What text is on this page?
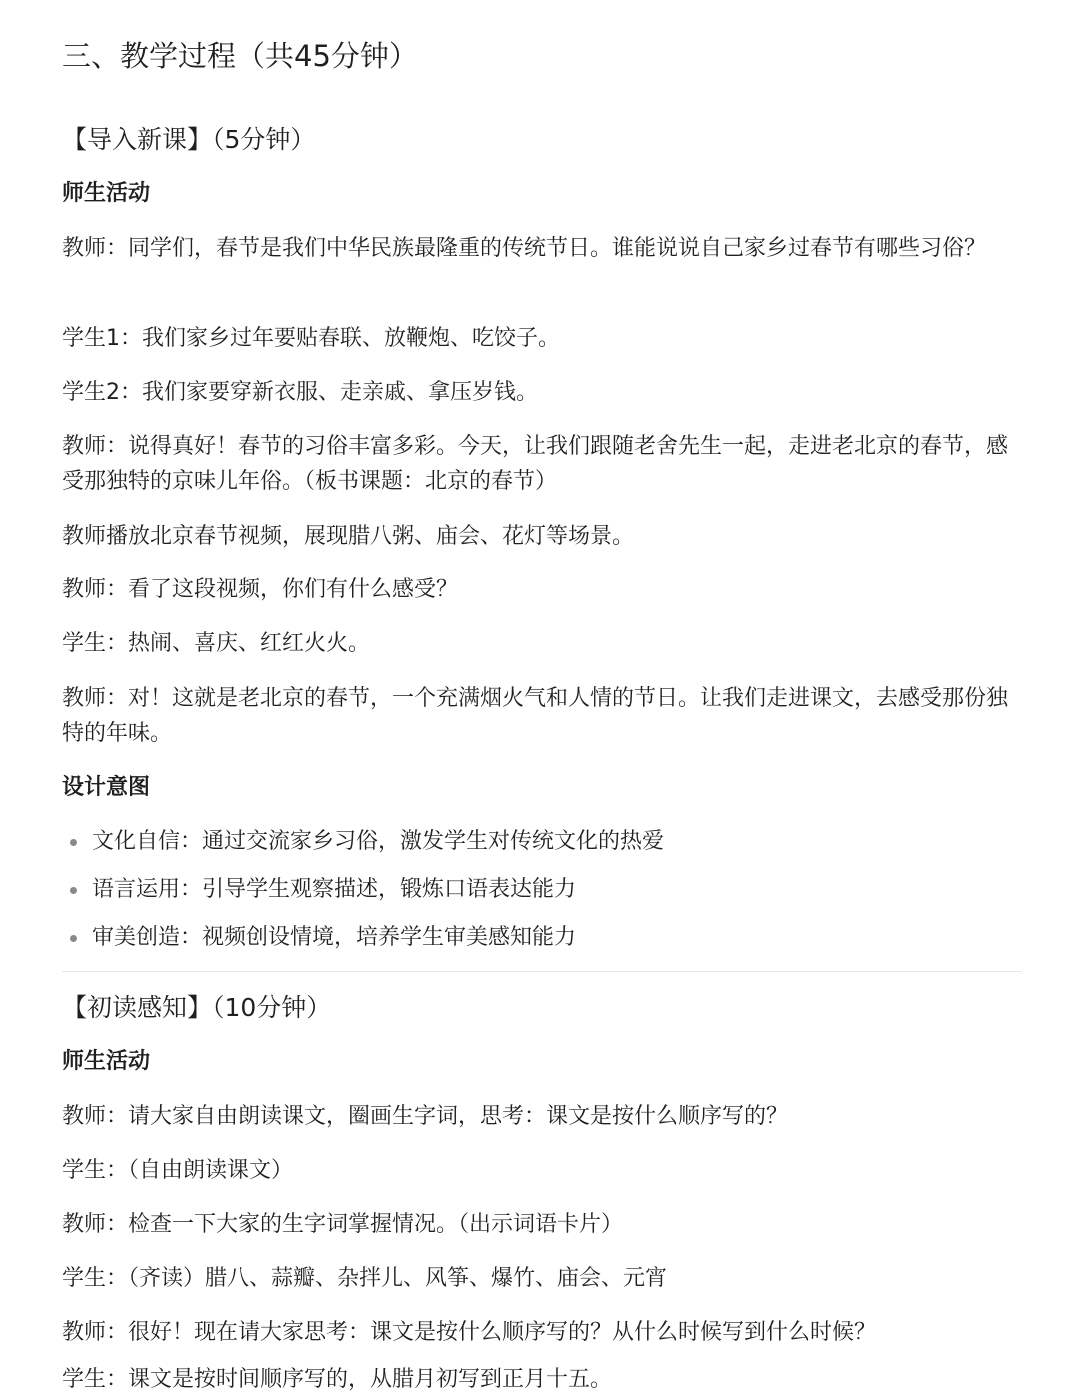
三、教学过程（共45分钟）
【导入新课】（5分钟）
师生活动
教师：同学们，春节是我们中华民族最隆重的传统节日。谁能说说自己家乡过春节有哪些习俗？
学生1：我们家乡过年要贴春联、放鞭炮、吃饺子。
学生2：我们家要穿新衣服、走亲戚、拿压岁钱。
教师：说得真好！春节的习俗丰富多彩。今天，让我们跟随老舍先生一起，走进老北京的春节，感受那独特的京味儿年俗。（板书课题：北京的春节）
教师播放北京春节视频，展现腊八粥、庙会、花灯等场景。
教师：看了这段视频，你们有什么感受？
学生：热闹、喜庆、红红火火。
教师：对！这就是老北京的春节，一个充满烟火气和人情的节日。让我们走进课文，去感受那份独特的年味。
设计意图
文化自信：通过交流家乡习俗，激发学生对传统文化的热爱
语言运用：引导学生观察描述，锻炼口语表达能力
审美创造：视频创设情境，培养学生审美感知能力
【初读感知】（10分钟）
师生活动
教师：请大家自由朗读课文，圈画生字词，思考：课文是按什么顺序写的？
学生：（自由朗读课文）
教师：检查一下大家的生字词掌握情况。（出示词语卡片）
学生：（齐读）腊八、蒜瓣、杂拌儿、风筝、爆竹、庙会、元宵
教师：很好！现在请大家思考：课文是按什么顺序写的？从什么时候写到什么时候？
学生：课文是按时间顺序写的，从腊月初写到正月十五。
